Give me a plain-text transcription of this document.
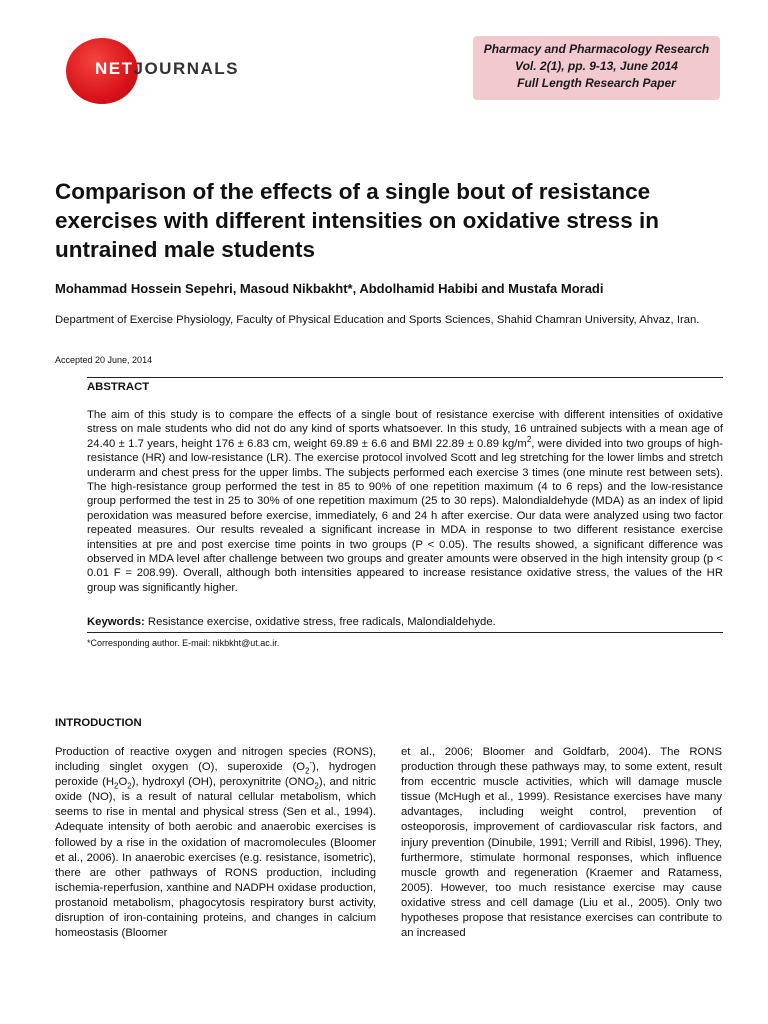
NETJOURNALS
Pharmacy and Pharmacology Research
Vol. 2(1), pp. 9-13, June 2014
Full Length Research Paper
Comparison of the effects of a single bout of resistance exercises with different intensities on oxidative stress in untrained male students
Mohammad Hossein Sepehri, Masoud Nikbakht*, Abdolhamid Habibi and Mustafa Moradi
Department of Exercise Physiology, Faculty of Physical Education and Sports Sciences, Shahid Chamran University, Ahvaz, Iran.
Accepted 20 June, 2014
ABSTRACT

The aim of this study is to compare the effects of a single bout of resistance exercise with different intensities of oxidative stress on male students who did not do any kind of sports whatsoever. In this study, 16 untrained subjects with a mean age of 24.40 ± 1.7 years, height 176 ± 6.83 cm, weight 69.89 ± 6.6 and BMI 22.89 ± 0.89 $kg/m^2$, were divided into two groups of high-resistance (HR) and low-resistance (LR). The exercise protocol involved Scott and leg stretching for the lower limbs and stretch underarm and chest press for the upper limbs. The subjects performed each exercise 3 times (one minute rest between sets). The high-resistance group performed the test in 85 to 90% of one repetition maximum (4 to 6 reps) and the low-resistance group performed the test in 25 to 30% of one repetition maximum (25 to 30 reps). Malondialdehyde (MDA) as an index of lipid peroxidation was measured before exercise, immediately, 6 and 24 h after exercise. Our data were analyzed using two factor repeated measures. Our results revealed a significant increase in MDA in response to two different resistance exercise intensities at pre and post exercise time points in two groups (P < 0.05). The results showed, a significant difference was observed in MDA level after challenge between two groups and greater amounts were observed in the high intensity group (p < 0.01 F = 208.99). Overall, although both intensities appeared to increase resistance oxidative stress, the values of the HR group was significantly higher.

Keywords: Resistance exercise, oxidative stress, free radicals, Malondialdehyde.
*Corresponding author. E-mail: nikbkht@ut.ac.ir.
INTRODUCTION

Production of reactive oxygen and nitrogen species (RONS), including singlet oxygen (O), superoxide $(O_2^-)$, hydrogen peroxide $(H_2O_2)$, hydroxyl (OH), peroxynitrite $(ONO_2)$, and nitric oxide (NO), is a result of natural cellular metabolism, which seems to rise in mental and physical stress (Sen et al., 1994). Adequate intensity of both aerobic and anaerobic exercises is followed by a rise in the oxidation of macromolecules (Bloomer et al., 2006). In anaerobic exercises (e.g. resistance, isometric), there are other pathways of RONS production, including ischemia-reperfusion, xanthine and NADPH oxidase production, prostanoid metabolism, phagocytosis respiratory burst activity, disruption of iron-containing proteins, and changes in calcium homeostasis (Bloomer

et al., 2006; Bloomer and Goldfarb, 2004). The RONS production through these pathways may, to some extent, result from eccentric muscle activities, which will damage muscle tissue (McHugh et al., 1999). Resistance exercises have many advantages, including weight control, prevention of osteoporosis, improvement of cardiovascular risk factors, and injury prevention (Dinubile, 1991; Verrill and Ribisl, 1996). They, furthermore, stimulate hormonal responses, which influence muscle growth and regeneration (Kraemer and Ratamess, 2005). However, too much resistance exercise may cause oxidative stress and cell damage (Liu et al., 2005). Only two hypotheses propose that resistance exercises can contribute to an increased
